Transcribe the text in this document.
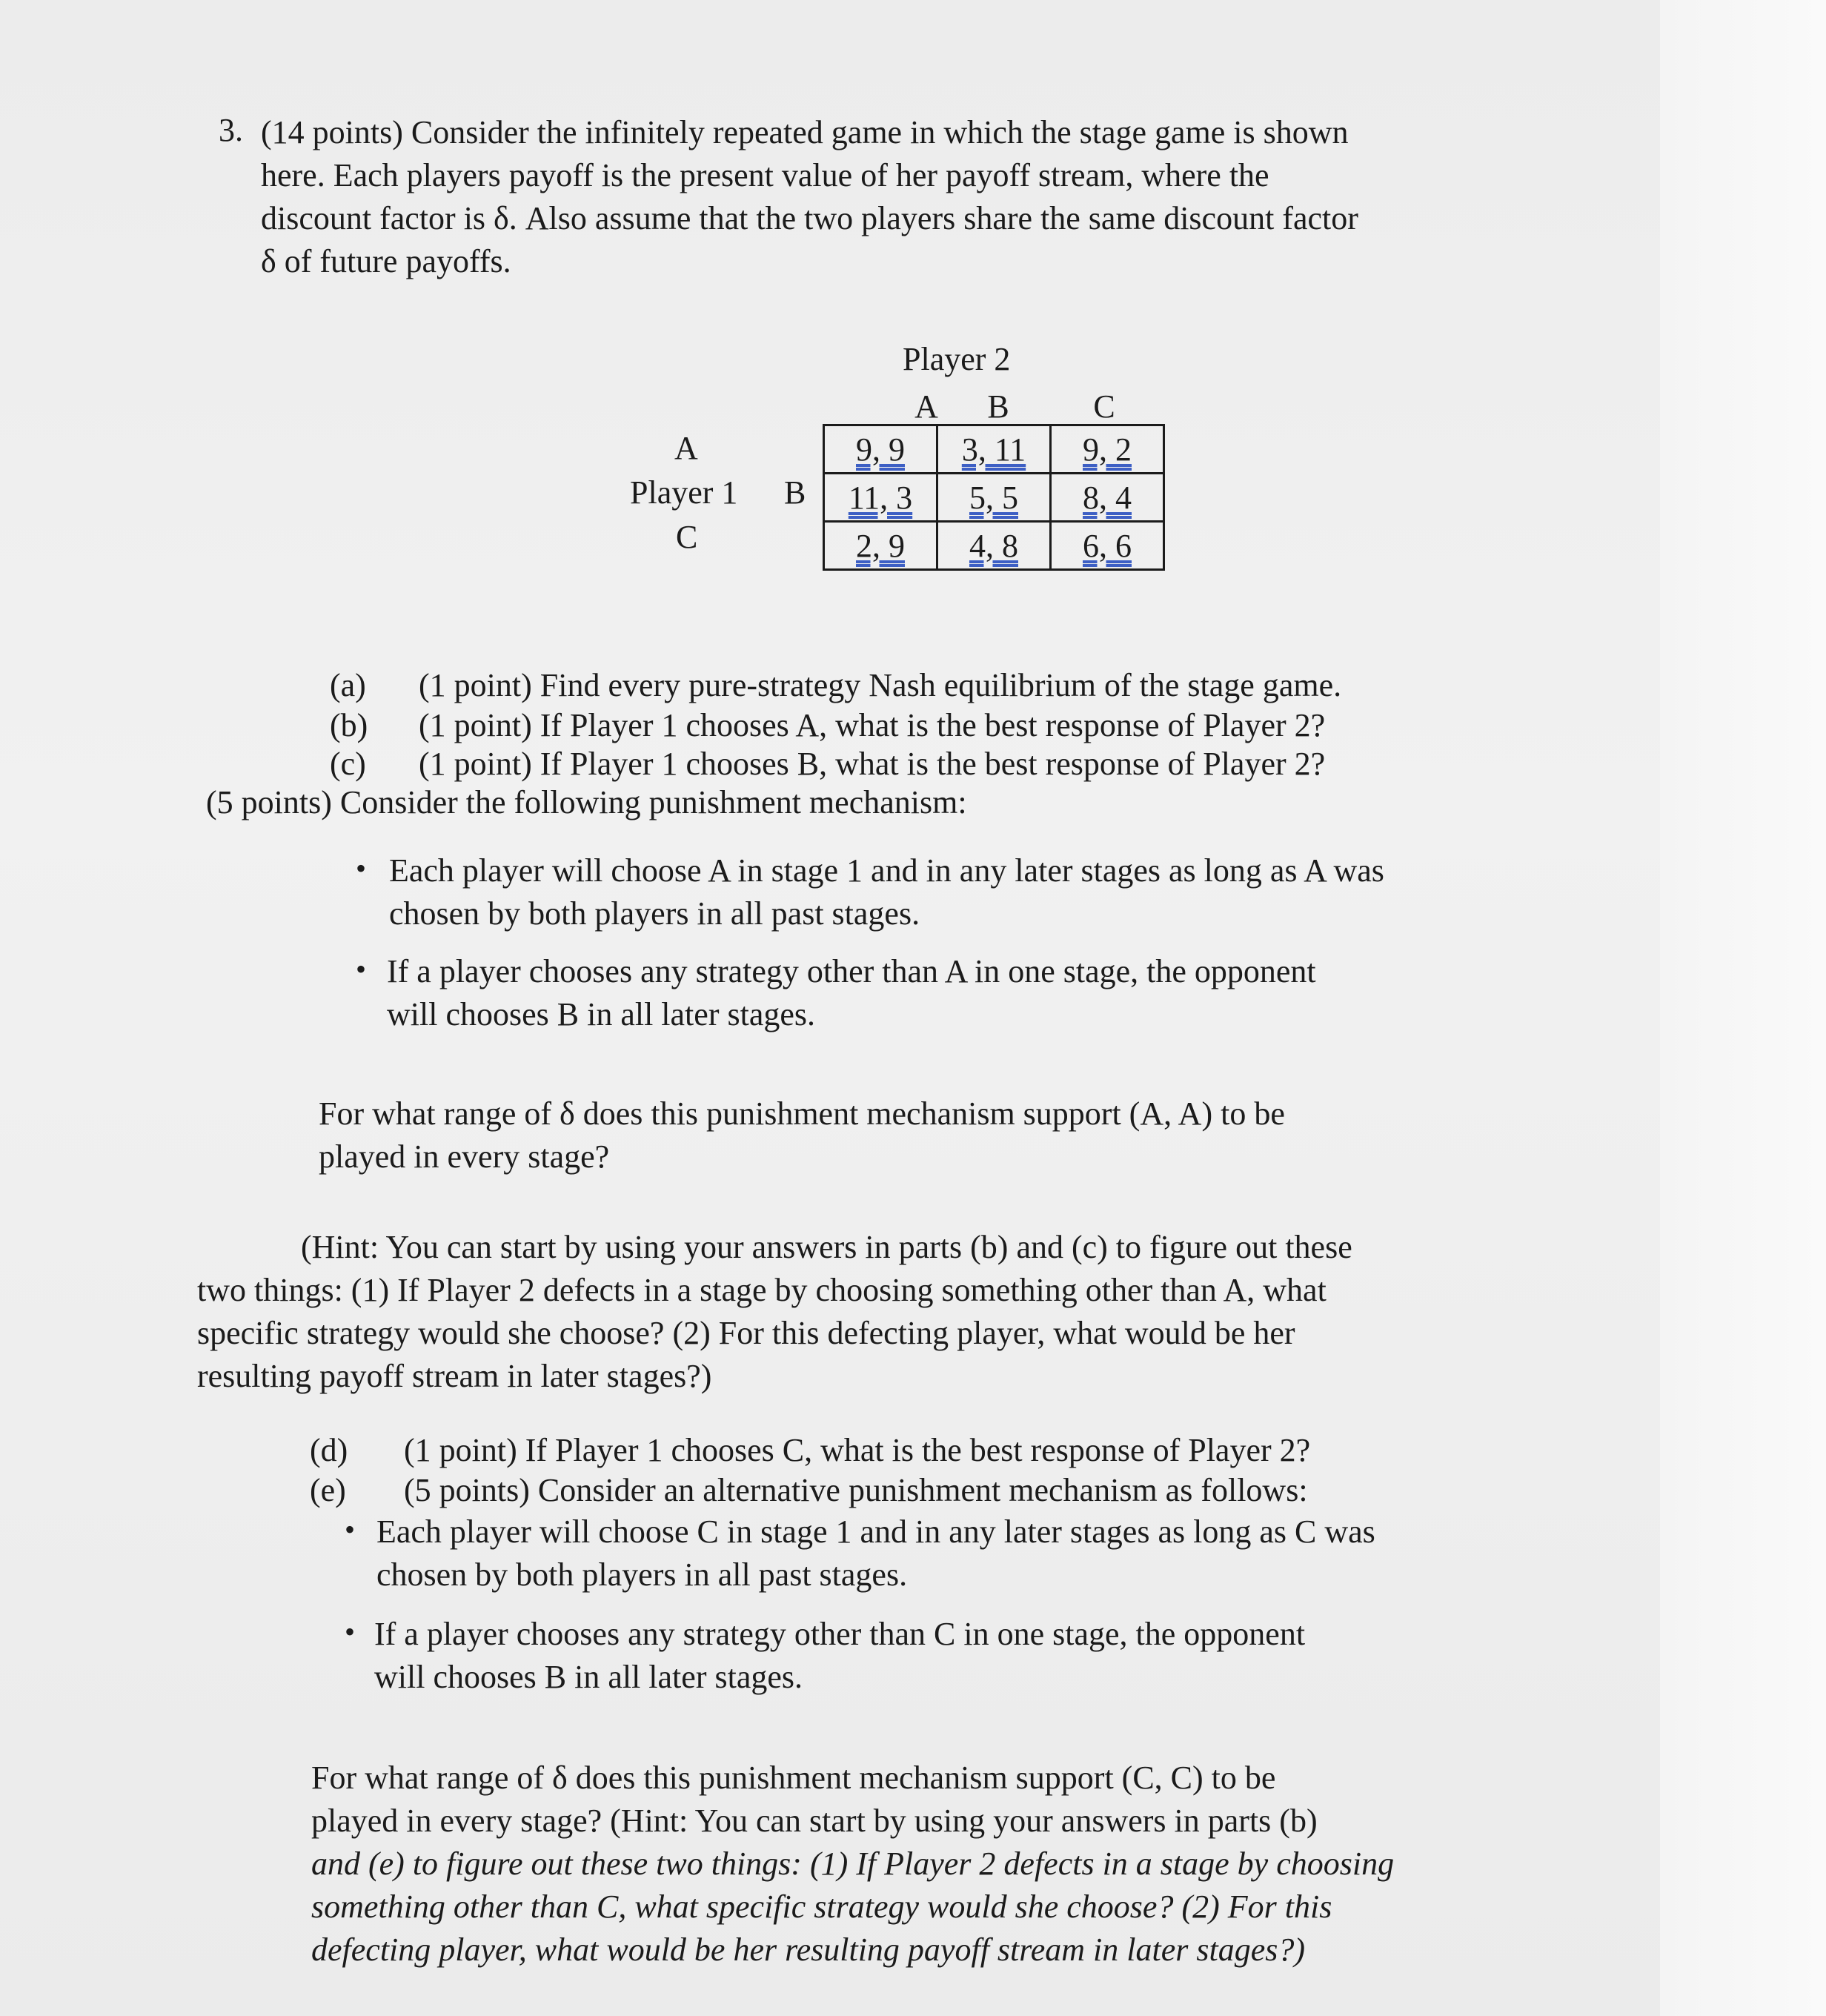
3. (14 points) Consider the infinitely repeated game in which the stage game is shown
here. Each players payoff is the present value of her payoff stream, where the
discount factor is δ. Also assume that the two players share the same discount factor
δ of future payoffs.
Player 2
A	B	C
A
Player 1 B
C
9, 9	3, 11	9, 2
11, 3	5, 5	8, 4
2, 9	4, 8	6, 6
(a) (1 point) Find every pure-strategy Nash equilibrium of the stage game.
(b) (1 point) If Player 1 chooses A, what is the best response of Player 2?
(c) (1 point) If Player 1 chooses B, what is the best response of Player 2?
(5 points) Consider the following punishment mechanism:
• Each player will choose A in stage 1 and in any later stages as long as A was
chosen by both players in all past stages.
• If a player chooses any strategy other than A in one stage, the opponent
will chooses B in all later stages.
For what range of δ does this punishment mechanism support (A, A) to be
played in every stage?
(Hint: You can start by using your answers in parts (b) and (c) to figure out these
two things: (1) If Player 2 defects in a stage by choosing something other than A, what
specific strategy would she choose? (2) For this defecting player, what would be her
resulting payoff stream in later stages?)
(d) (1 point) If Player 1 chooses C, what is the best response of Player 2?
(e) (5 points) Consider an alternative punishment mechanism as follows:
• Each player will choose C in stage 1 and in any later stages as long as C was
chosen by both players in all past stages.
• If a player chooses any strategy other than C in one stage, the opponent
will chooses B in all later stages.
For what range of δ does this punishment mechanism support (C, C) to be
played in every stage? (Hint: You can start by using your answers in parts (b)
and (e) to figure out these two things: (1) If Player 2 defects in a stage by choosing
something other than C, what specific strategy would she choose? (2) For this
defecting player, what would be her resulting payoff stream in later stages?)
